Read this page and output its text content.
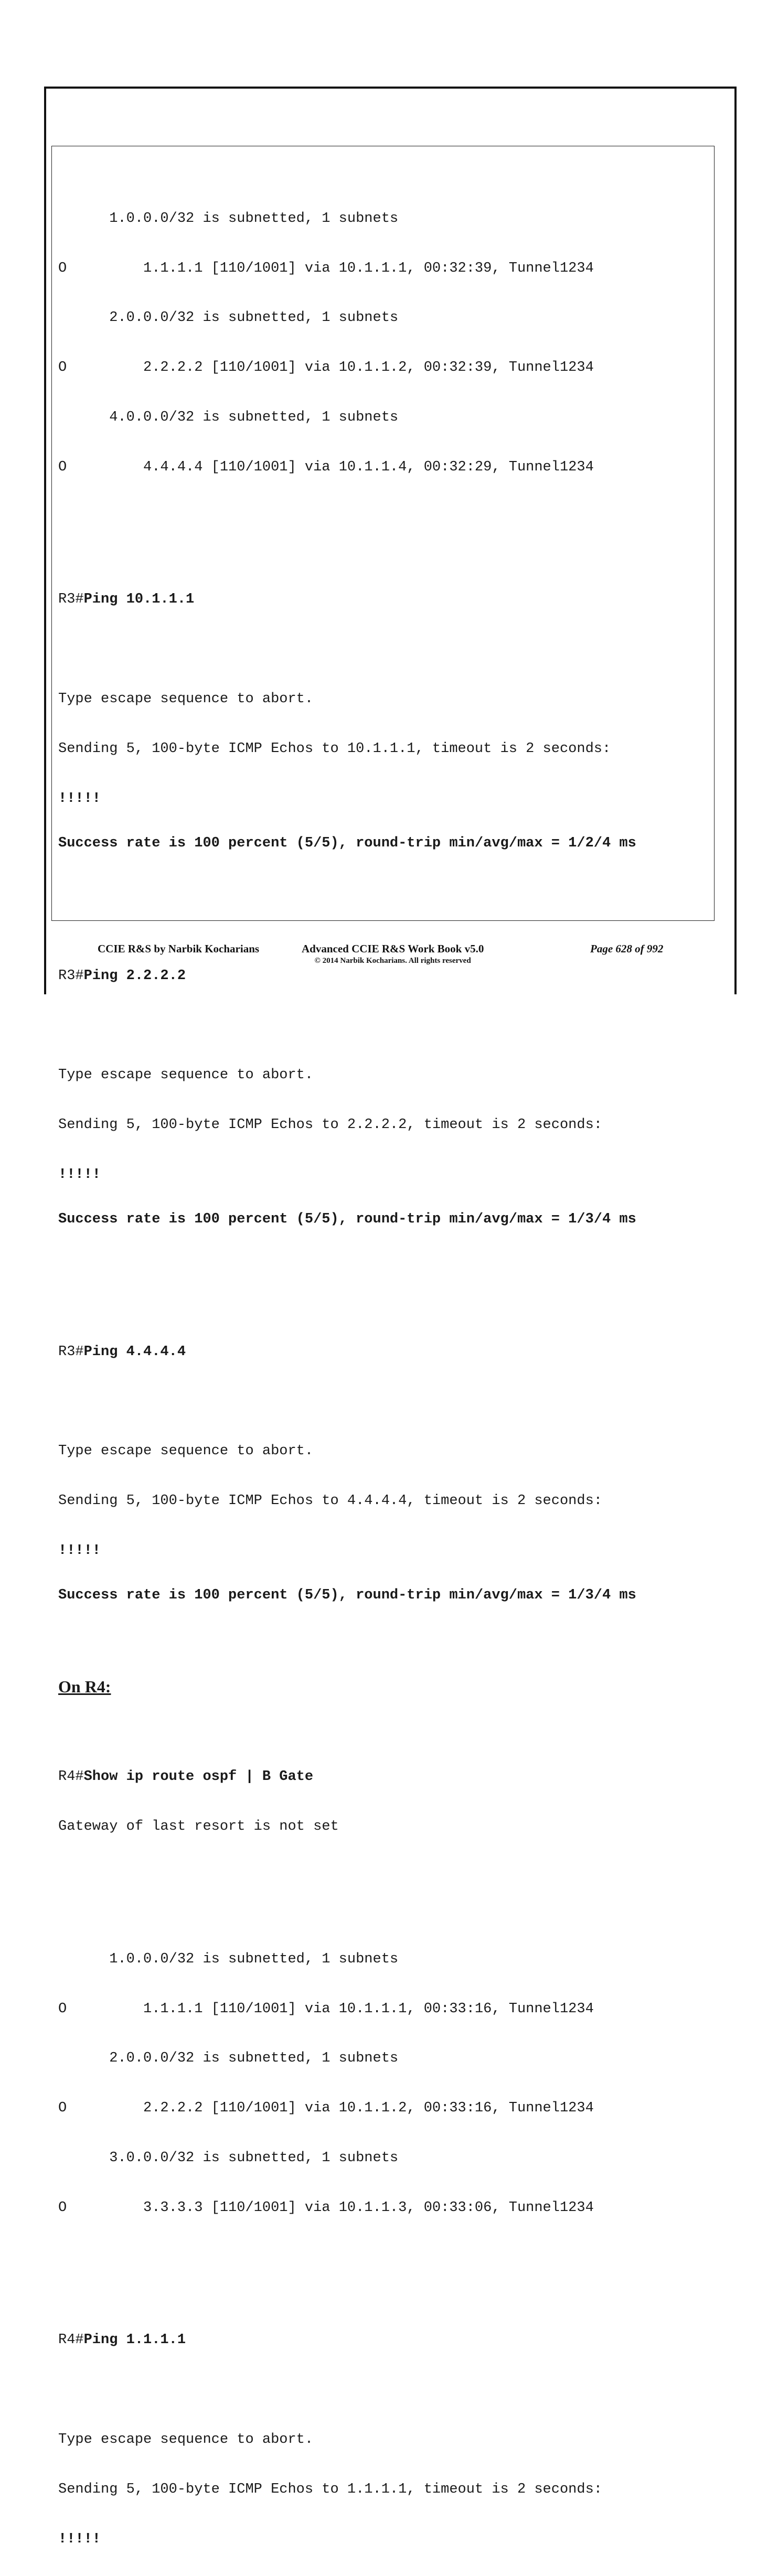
1.0.0.0/32 is subnetted, 1 subnets

O         1.1.1.1 [110/1001] via 10.1.1.1, 00:32:39, Tunnel1234

2.0.0.0/32 is subnetted, 1 subnets

O         2.2.2.2 [110/1001] via 10.1.1.2, 00:32:39, Tunnel1234

4.0.0.0/32 is subnetted, 1 subnets

O         4.4.4.4 [110/1001] via 10.1.1.4, 00:32:29, Tunnel1234

R3#Ping 10.1.1.1

Type escape sequence to abort.

Sending 5, 100-byte ICMP Echos to 10.1.1.1, timeout is 2 seconds:

!!!!!

Success rate is 100 percent (5/5), round-trip min/avg/max = 1/2/4 ms

R3#Ping 2.2.2.2

Type escape sequence to abort.

Sending 5, 100-byte ICMP Echos to 2.2.2.2, timeout is 2 seconds:

!!!!!

Success rate is 100 percent (5/5), round-trip min/avg/max = 1/3/4 ms

R3#Ping 4.4.4.4

Type escape sequence to abort.

Sending 5, 100-byte ICMP Echos to 4.4.4.4, timeout is 2 seconds:

!!!!!

Success rate is 100 percent (5/5), round-trip min/avg/max = 1/3/4 ms

On R4:

R4#Show ip route ospf | B Gate

Gateway of last resort is not set

1.0.0.0/32 is subnetted, 1 subnets

O         1.1.1.1 [110/1001] via 10.1.1.1, 00:33:16, Tunnel1234

2.0.0.0/32 is subnetted, 1 subnets

O         2.2.2.2 [110/1001] via 10.1.1.2, 00:33:16, Tunnel1234

3.0.0.0/32 is subnetted, 1 subnets

O         3.3.3.3 [110/1001] via 10.1.1.3, 00:33:06, Tunnel1234

R4#Ping 1.1.1.1

Type escape sequence to abort.

Sending 5, 100-byte ICMP Echos to 1.1.1.1, timeout is 2 seconds:

!!!!!

CCIE R&S by Narbik Kocharians	Advanced CCIE R&S Work Book v5.0
© 2014 Narbik Kocharians. All rights reserved
Page 628 of 992
